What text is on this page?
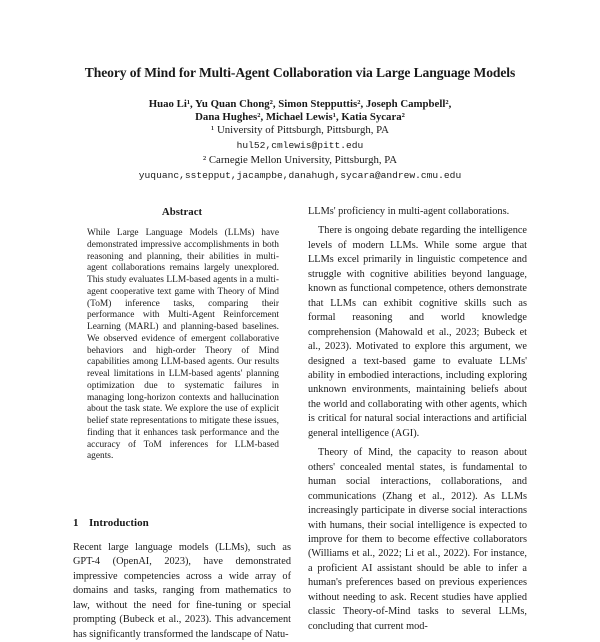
Theory of Mind for Multi-Agent Collaboration via Large Language Models
Huao Li¹, Yu Quan Chong², Simon Stepputtis², Joseph Campbell²,
Dana Hughes², Michael Lewis¹, Katia Sycara²
¹ University of Pittsburgh, Pittsburgh, PA
hul52,cmlewis@pitt.edu
² Carnegie Mellon University, Pittsburgh, PA
yuquanc,sstepput,jacampbe,danahugh,sycara@andrew.cmu.edu
Abstract

While Large Language Models (LLMs) have demonstrated impressive accomplishments in both reasoning and planning, their abilities in multi-agent collaborations remains largely unexplored. This study evaluates LLM-based agents in a multi-agent cooperative text game with Theory of Mind (ToM) inference tasks, comparing their performance with Multi-Agent Reinforcement Learning (MARL) and planning-based baselines. We observed evidence of emergent collaborative behaviors and high-order Theory of Mind capabilities among LLM-based agents. Our results reveal limitations in LLM-based agents' planning optimization due to systematic failures in managing long-horizon contexts and hallucination about the task state. We explore the use of explicit belief state representations to mitigate these issues, finding that it enhances task performance and the accuracy of ToM inferences for LLM-based agents.

1 Introduction

Recent large language models (LLMs), such as GPT-4 (OpenAI, 2023), have demonstrated impressive competencies across a wide array of domains and tasks, ranging from mathematics to law, without the need for fine-tuning or special prompting (Bubeck et al., 2023). This advancement has significantly transformed the landscape of Natu-

LLMs' proficiency in multi-agent collaborations.

There is ongoing debate regarding the intelligence levels of modern LLMs. While some argue that LLMs excel primarily in linguistic competence and struggle with cognitive abilities beyond language, known as functional competence, others demonstrate that LLMs can exhibit cognitive skills such as formal reasoning and world knowledge comprehension (Mahowald et al., 2023; Bubeck et al., 2023). Motivated to explore this argument, we designed a text-based game to evaluate LLMs' ability in embodied interactions, including exploring unknown environments, maintaining beliefs about the world and collaborating with other agents, which is critical for natural social interactions and artificial general intelligence (AGI).

Theory of Mind, the capacity to reason about others' concealed mental states, is fundamental to human social interactions, collaborations, and communications (Zhang et al., 2012). As LLMs increasingly participate in diverse social interactions with humans, their social intelligence is expected to improve for them to become effective collaborators (Williams et al., 2022; Li et al., 2022). For instance, a proficient AI assistant should be able to infer a human's preferences based on previous experiences without needing to ask. Recent studies have applied classic Theory-of-Mind tasks to several LLMs, concluding that current mod-
